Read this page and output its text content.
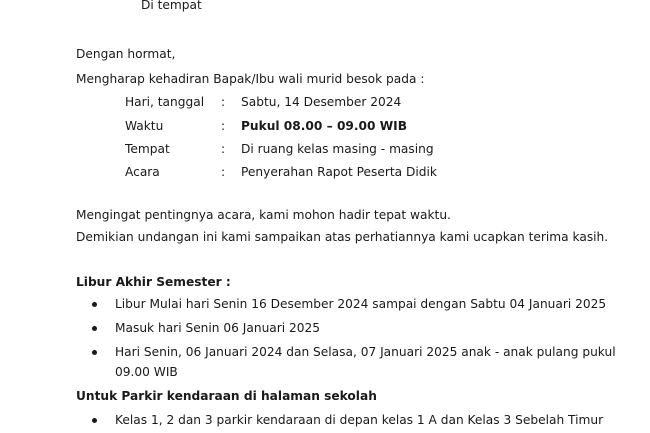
Di tempat
Dengan hormat,
Mengharap kehadiran Bapak/Ibu wali murid besok pada :
Hari, tanggal : Sabtu, 14 Desember 2024
Waktu	: Pukul 08.00 – 09.00 WIB
Tempat	: Di ruang kelas masing - masing
Acara	: Penyerahan Rapot Peserta Didik
Mengingat pentingnya acara, kami mohon hadir tepat waktu.
Demikian undangan ini kami sampaikan atas perhatiannya kami ucapkan terima kasih.
Libur Akhir Semester :
Libur Mulai hari Senin 16 Desember 2024 sampai dengan Sabtu 04 Januari 2025
Masuk hari Senin 06 Januari 2025
Hari Senin, 06 Januari 2024 dan Selasa, 07 Januari 2025 anak - anak pulang pukul
09.00 WIB
Untuk Parkir kendaraan di halaman sekolah
Kelas 1, 2 dan 3 parkir kendaraan di depan kelas 1 A dan Kelas 3 Sebelah Timur
